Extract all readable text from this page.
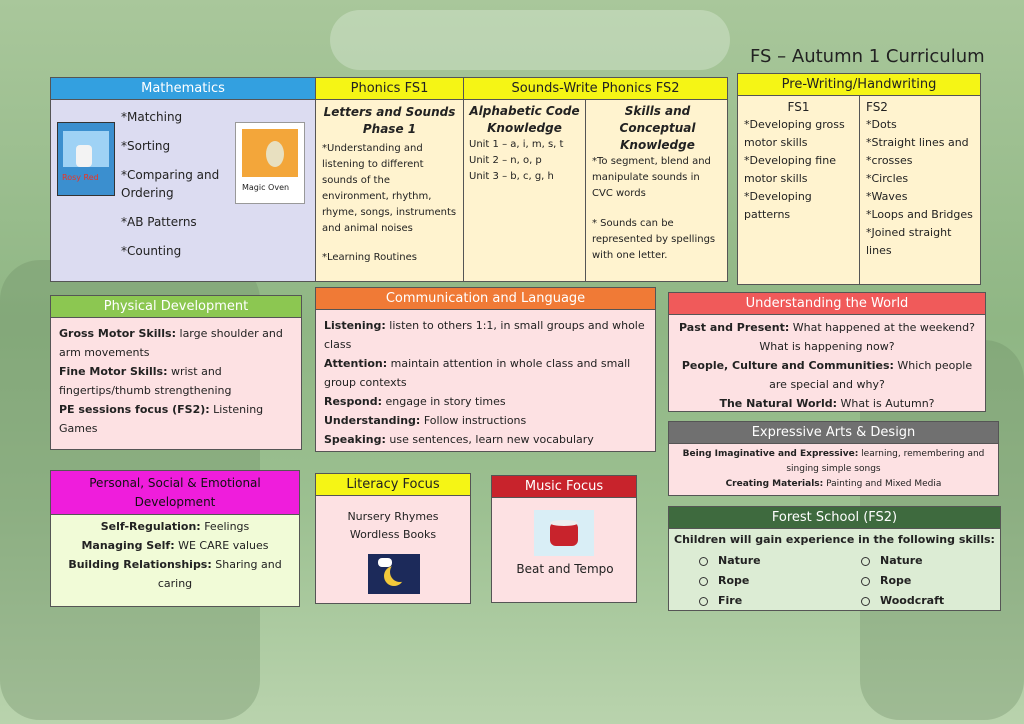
FS – Autumn 1 Curriculum
Mathematics
Rosy Red
Magic Oven
*Matching
*Sorting
*Comparing and Ordering
*AB Patterns
*Counting
Phonics FS1
Letters and Sounds Phase 1
*Understanding and listening to different sounds of the environment, rhythm, rhyme, songs, instruments and animal noises
*Learning Routines
Sounds-Write Phonics FS2
Alphabetic Code Knowledge
Unit 1 – a, i, m, s, t
Unit 2 – n, o, p
Unit 3 – b, c, g, h
Skills and Conceptual Knowledge
*To segment, blend and manipulate sounds in CVC words
* Sounds can be represented by spellings with one letter.
Pre-Writing/Handwriting
FS1
*Developing gross motor skills
*Developing fine motor skills
*Developing patterns
FS2
*Dots
*Straight lines and *crosses
*Circles
*Waves
*Loops and Bridges
*Joined straight lines
Physical Development
Gross Motor Skills: large shoulder and arm movements
Fine Motor Skills: wrist and fingertips/thumb strengthening
PE sessions focus (FS2): Listening Games
Communication and Language
Listening: listen to others 1:1, in small groups and whole class
Attention: maintain attention in whole class and small group contexts
Respond: engage in story times
Understanding: Follow instructions
Speaking: use sentences, learn new vocabulary
Understanding the World
Past and Present: What happened at the weekend? What is happening now?
People, Culture and Communities: Which people are special and why?
The Natural World: What is Autumn?
Expressive Arts & Design
Being Imaginative and Expressive: learning, remembering and singing simple songs
Creating Materials: Painting and Mixed Media
Personal, Social & Emotional Development
Self-Regulation: Feelings
Managing Self: WE CARE values
Building Relationships: Sharing and caring
Literacy Focus
Nursery Rhymes
Wordless Books
Music Focus
Beat and Tempo
Forest School (FS2)
Children will gain experience in the following skills:
Nature
Rope
Fire
Nature
Rope
Woodcraft
